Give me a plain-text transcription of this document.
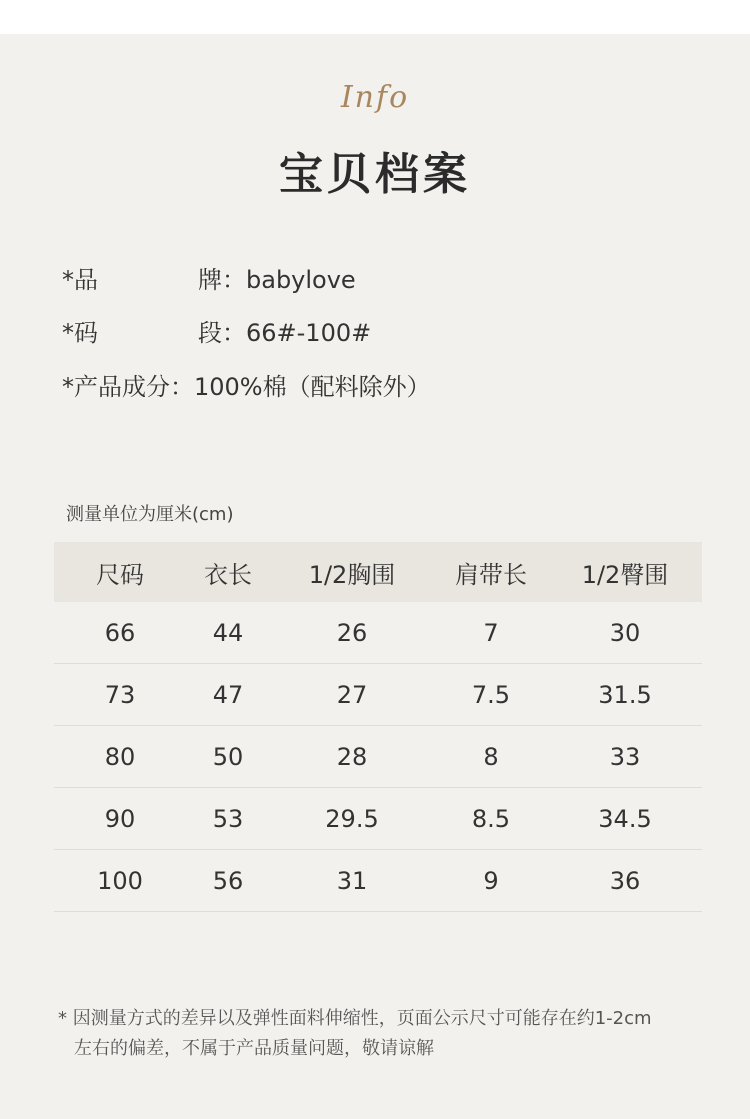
Info
宝贝档案
*品	牌：babylove
*码	段：66#-100#
*产品成分：100%棉（配料除外）
测量单位为厘米(cm)
尺码	衣长	1/2胸围	肩带长	1/2臀围
66	44	26	7	30
73	47	27	7.5	31.5
80	50	28	8	33
90	53	29.5	8.5	34.5
100	56	31	9	36
* 因测量方式的差异以及弹性面料伸缩性，页面公示尺寸可能存在约1-2cm
左右的偏差，不属于产品质量问题，敬请谅解
